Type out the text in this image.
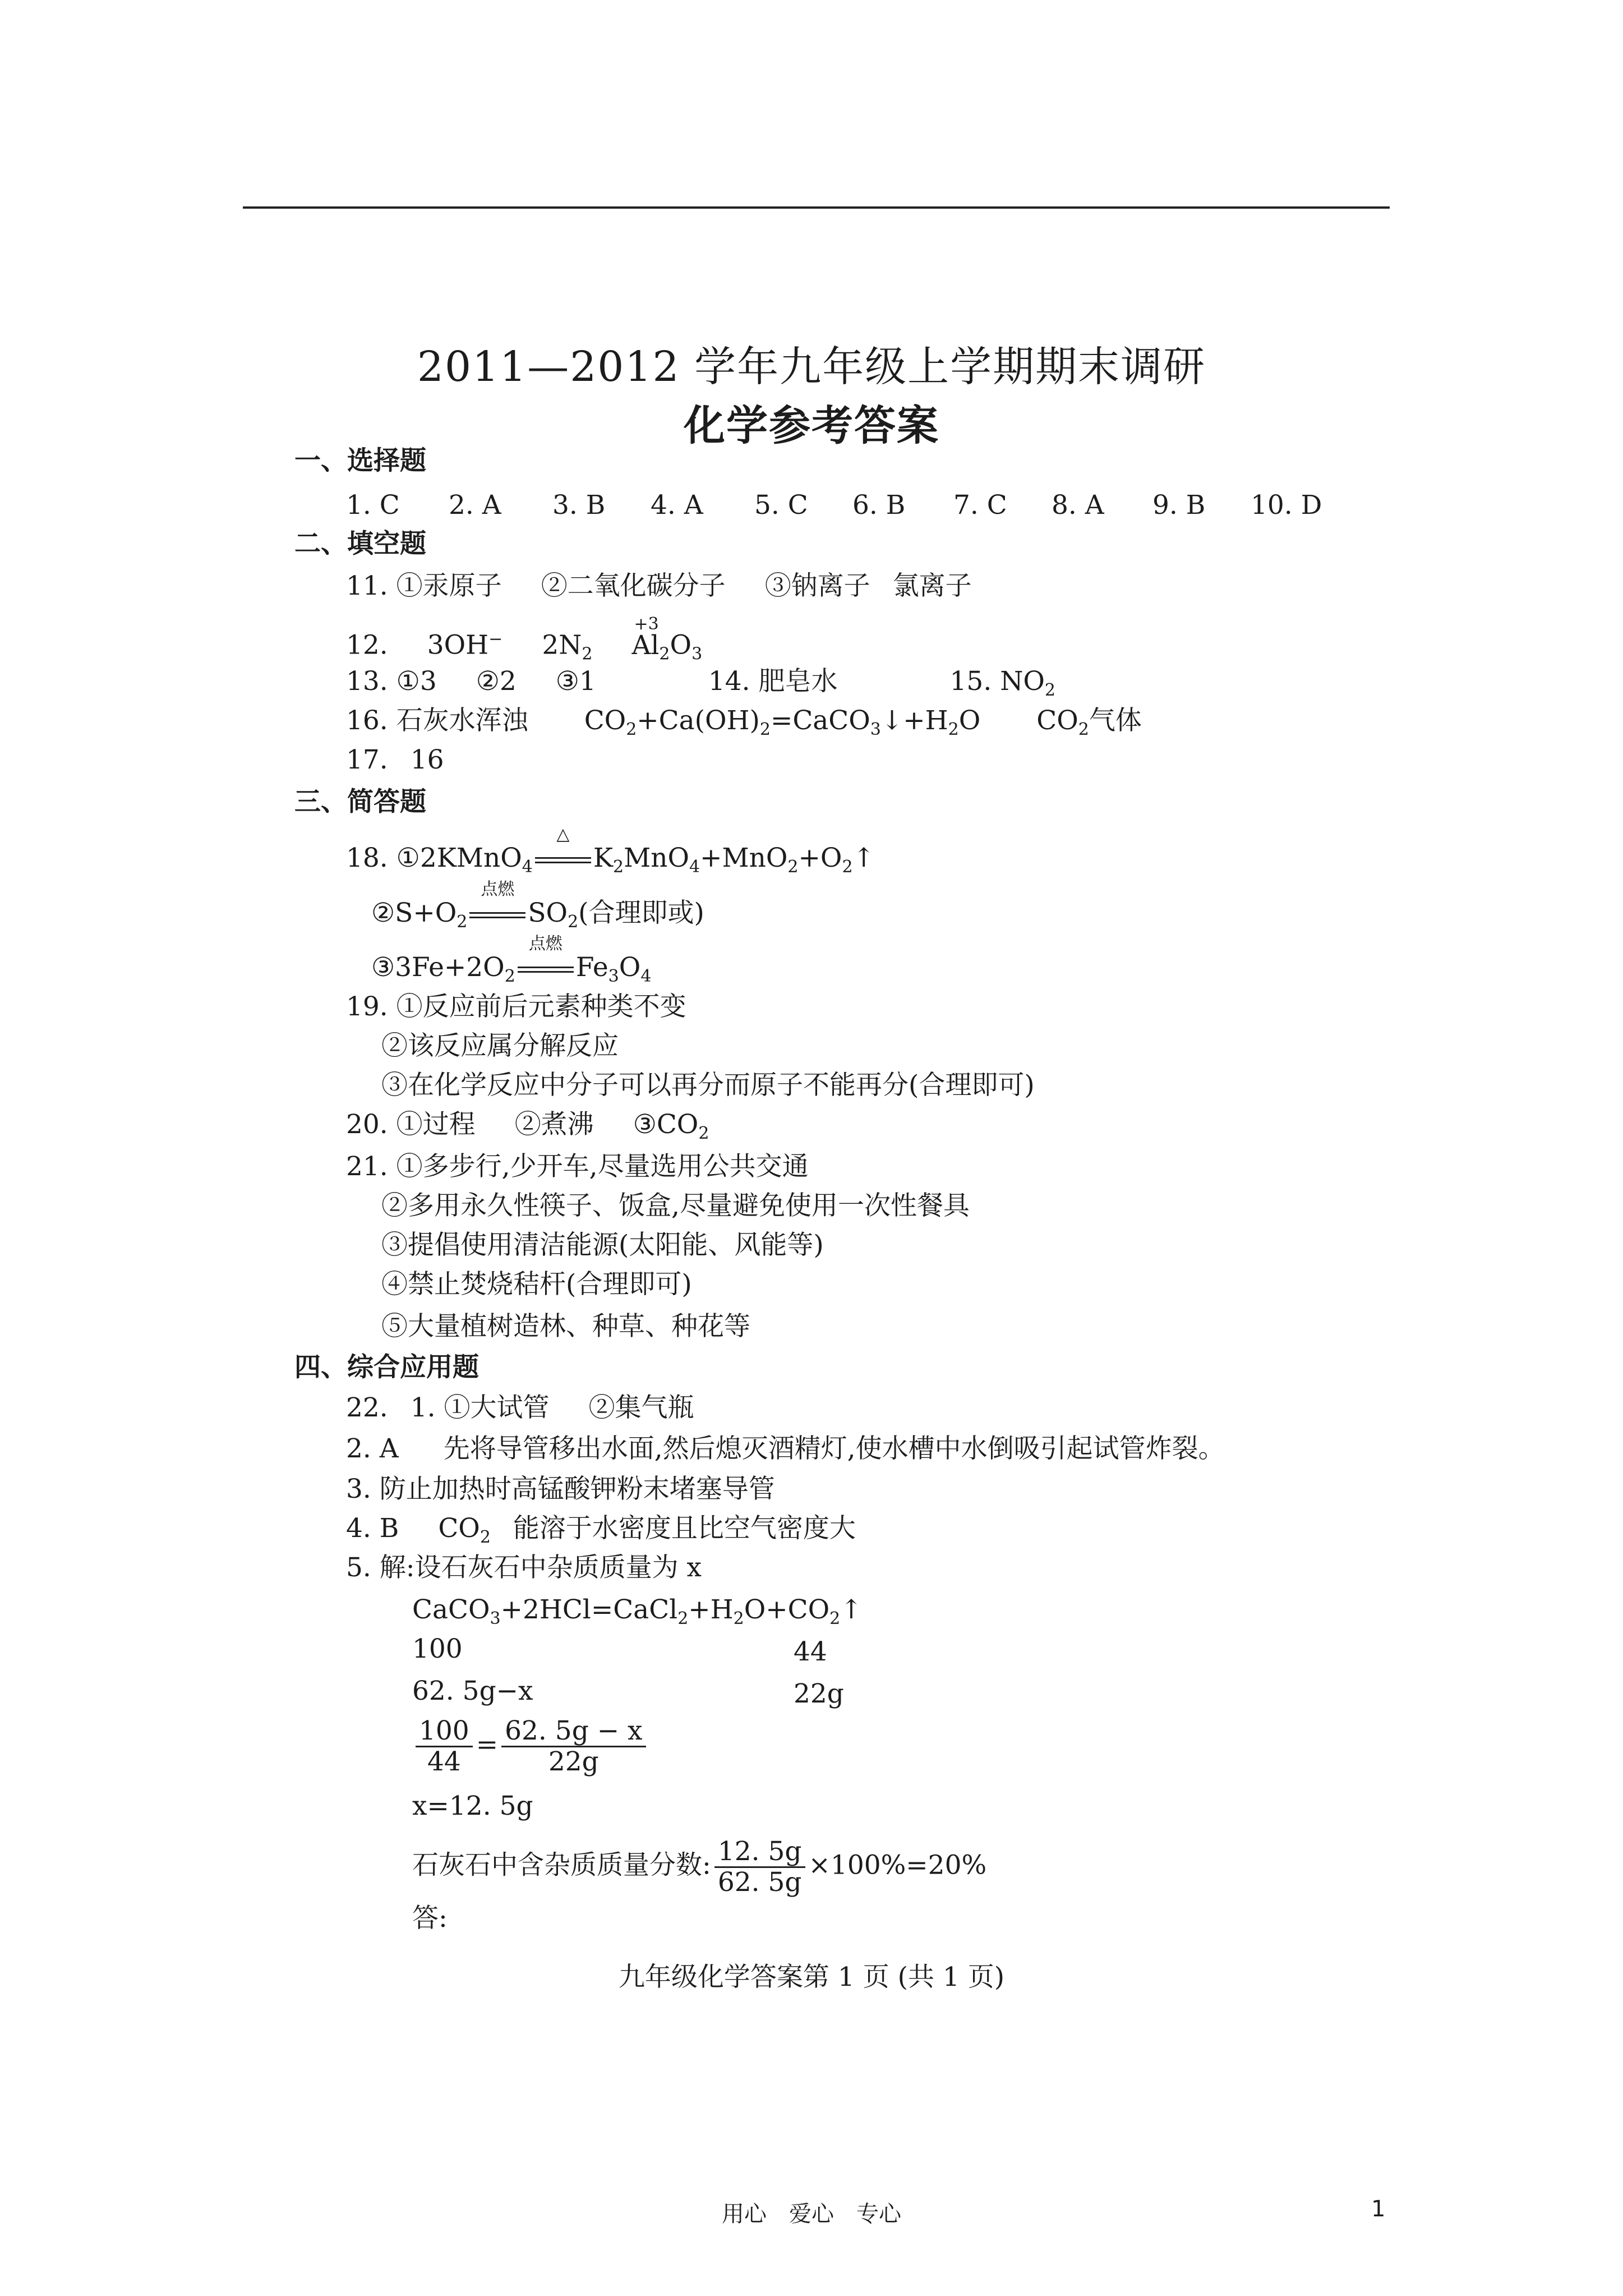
2011—2012 学年九年级上学期期末调研
化学参考答案
一、选择题
1. C 2. A 3. B 4. A 5. C 6. B 7. C 8. A 9. B 10. D
二、填空题
11. ①汞原子 ②二氧化碳分子 ③钠离子 氯离子
12. 3OH− $2N_2$
+3
$Al_2O_3$
13. ①3 ②2 ③1	14. 肥皂水	15. $NO_2$
16. 石灰水浑浊 $CO_2+Ca(OH)_2=CaCO_3↓+H_2O$ $CO_2$气体
17. 16
三、简答题
18. ①2KMnO$_4$
△
$K_2MnO_4+MnO_2+O_2↑$
$②S+O_2$
点燃
$SO_2$(合理即或)
$③3Fe+2O_2$
点燃
$Fe_3O_4$
19. ①反应前后元素种类不变
②该反应属分解反应
③在化学反应中分子可以再分而原子不能再分(合理即可)
20. ①过程 ②煮沸 $③CO_2$
21. ①多步行,少开车,尽量选用公共交通
②多用永久性筷子、饭盒,尽量避免使用一次性餐具
③提倡使用清洁能源(太阳能、风能等)
④禁止焚烧秸杆(合理即可)
⑤大量植树造林、种草、种花等
四、综合应用题
22. 1. ①大试管 ②集气瓶
2. A 先将导管移出水面,然后熄灭酒精灯,使水槽中水倒吸引起试管炸裂。
3. 防止加热时高锰酸钾粉末堵塞导管
4. B $CO_2$ 能溶于水密度且比空气密度大
5. 解:设石灰石中杂质质量为 x
$CaCO_3+2HCl=CaCl_2+H_2O+CO_2↑$
100	44
62. 5g−x	22g
$\frac{100}{44} = \frac{62. 5g - x}{22g}$
x=12. 5g
石灰石中含杂质质量分数: $\frac{12. 5g}{62. 5g} \times 100\%=20\%$
答:
九年级化学答案第 1 页 (共 1 页)
用心　爱心　专心	1
